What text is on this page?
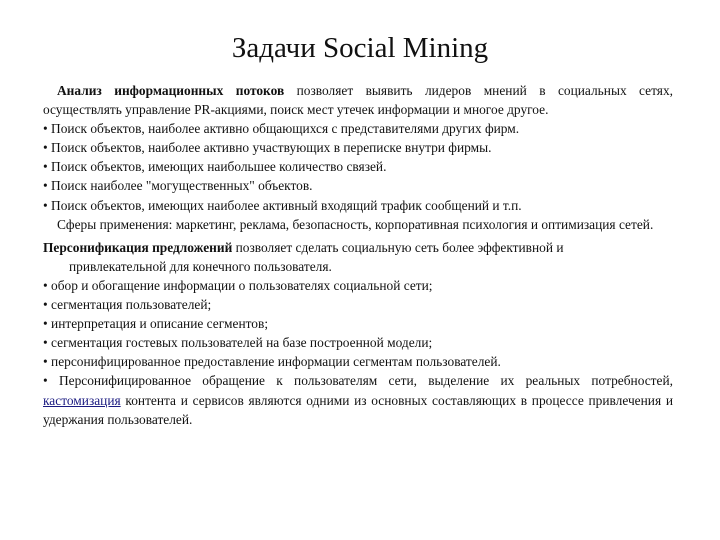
Задачи Social Mining

Анализ информационных потоков позволяет выявить лидеров мнений в социальных сетях, осуществлять управление PR-акциями, поиск мест утечек информации и многое другое.

• Поиск объектов, наиболее активно общающихся с представителями других фирм.

• Поиск объектов, наиболее активно участвующих в переписке внутри фирмы.

• Поиск объектов, имеющих наибольшее количество связей.

• Поиск наиболее "могущественных" объектов.

• Поиск объектов, имеющих наиболее активный входящий трафик сообщений и т.п.

Сферы применения: маркетинг, реклама, безопасность, корпоративная психология и оптимизация сетей.

Персонификация предложений позволяет сделать социальную сеть более эффективной и

привлекательной для конечного пользователя.

• обор и обогащение информации о пользователях социальной сети;

• сегментация пользователей;

• интерпретация и описание сегментов;

• сегментация гостевых пользователей на базе построенной модели;

• персонифицированное предоставление информации сегментам пользователей.

• Персонифицированное обращение к пользователям сети, выделение их реальных потребностей, кастомизация контента и сервисов являются одними из основных составляющих в процессе привлечения и удержания пользователей.
